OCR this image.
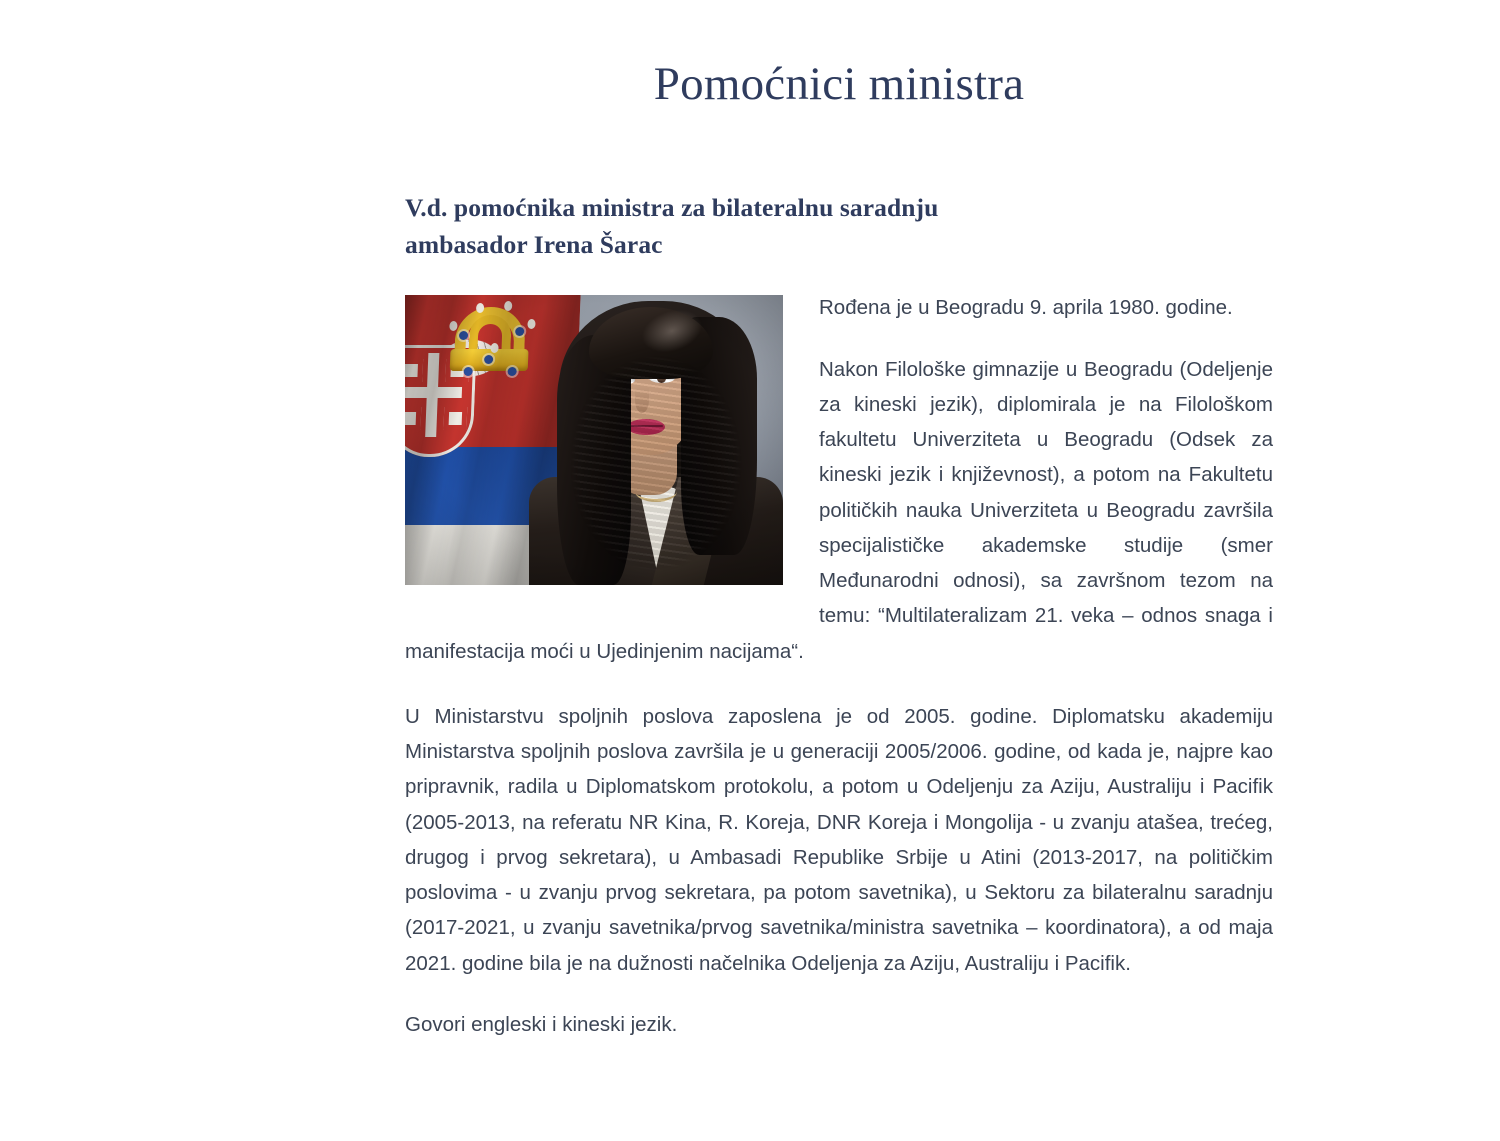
Pomoćnici ministra
V.d. pomoćnika ministra za bilateralnu saradnju
ambasador Irena Šarac

Rođena je u Beogradu 9. aprila 1980. godine.

Nakon Filološke gimnazije u Beogradu (Odeljenje za kineski jezik), diplomirala je na Filološkom fakultetu Univerziteta u Beogradu (Odsek za kineski jezik i književnost), a potom na Fakultetu političkih nauka Univerziteta u Beogradu završila specijalističke akademske studije (smer Međunarodni odnosi), sa završnom tezom na temu: “Multilateralizam 21. veka – odnos snaga i manifestacija moći u Ujedinjenim nacijama“.

U Ministarstvu spoljnih poslova zaposlena je od 2005. godine. Diplomatsku akademiju Ministarstva spoljnih poslova završila je u generaciji 2005/2006. godine, od kada je, najpre kao pripravnik, radila u Diplomatskom protokolu, a potom u Odeljenju za Aziju, Australiju i Pacifik (2005-2013, na referatu NR Kina, R. Koreja, DNR Koreja i Mongolija - u zvanju atašea, trećeg, drugog i prvog sekretara), u Ambasadi Republike Srbije u Atini (2013-2017, na političkim poslovima - u zvanju prvog sekretara, pa potom savetnika), u Sektoru za bilateralnu saradnju (2017-2021, u zvanju savetnika/prvog savetnika/ministra savetnika – koordinatora), a od maja 2021. godine bila je na dužnosti načelnika Odeljenja za Aziju, Australiju i Pacifik.

Govori engleski i kineski jezik.
